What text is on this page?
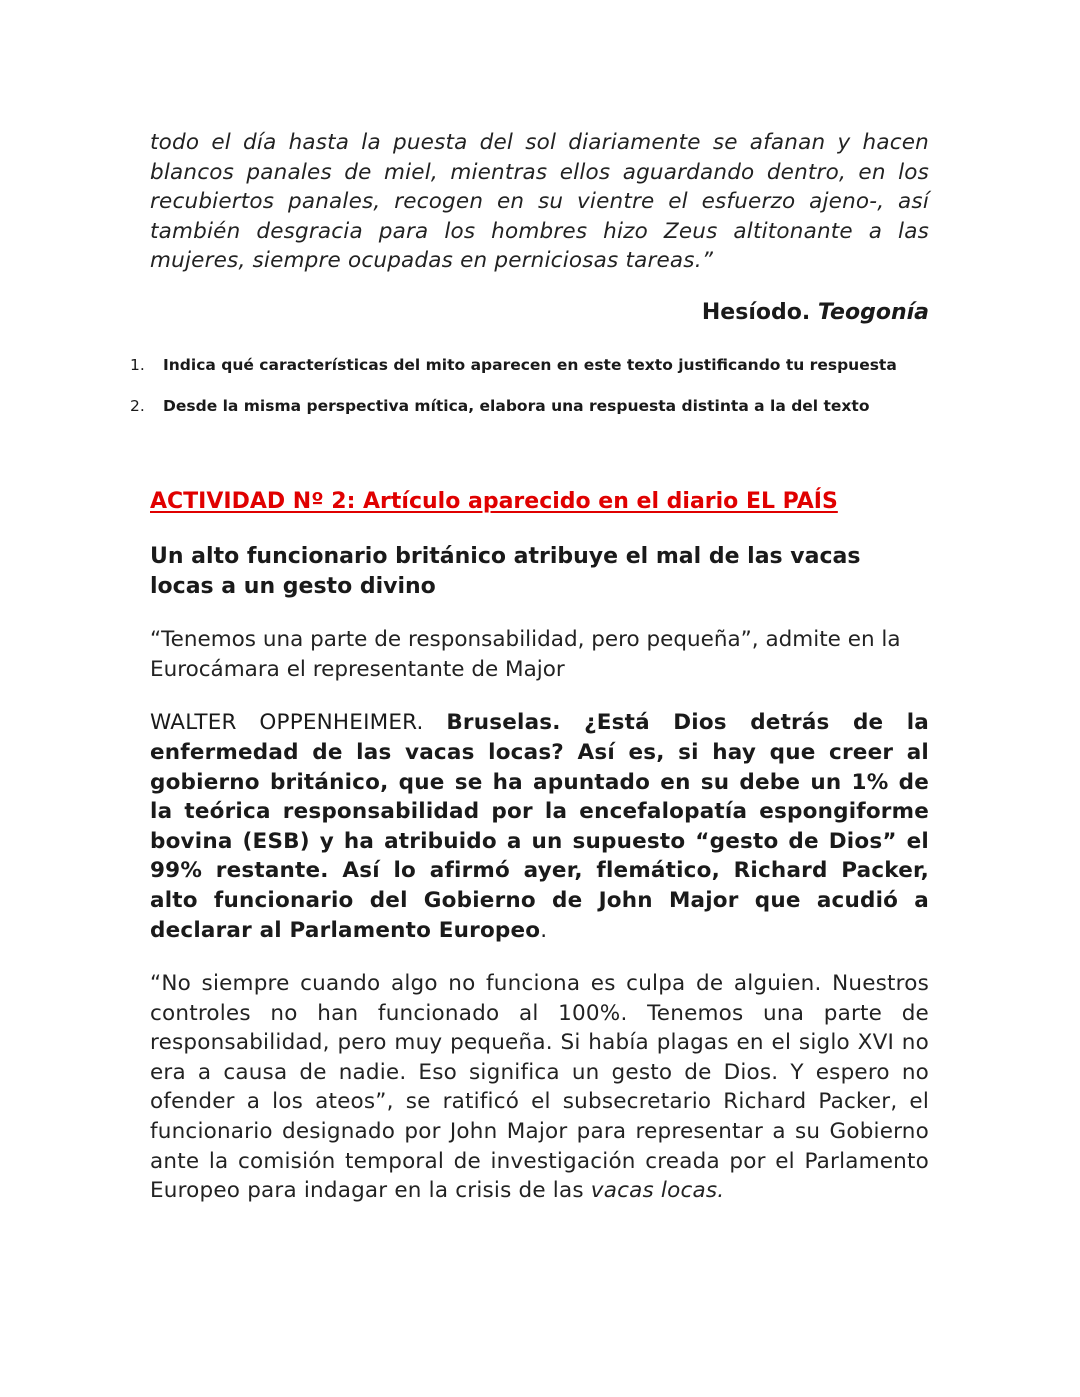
todo el día hasta la puesta del sol diariamente se afanan y hacen blancos panales de miel, mientras ellos aguardando dentro, en los recubiertos panales, recogen en su vientre el esfuerzo ajeno-, así también desgracia para los hombres hizo Zeus altitonante a las mujeres, siempre ocupadas en perniciosas tareas.”

Hesíodo. Teogonía

1. Indica qué características del mito aparecen en este texto justificando tu respuesta
2. Desde la misma perspectiva mítica, elabora una respuesta distinta a la del texto
ACTIVIDAD Nº 2: Artículo aparecido en el diario EL PAÍS
Un alto funcionario británico atribuye el mal de las vacas locas a un gesto divino

“Tenemos una parte de responsabilidad, pero pequeña”, admite en la Eurocámara el representante de Major

WALTER OPPENHEIMER. Bruselas. ¿Está Dios detrás de la enfermedad de las vacas locas? Así es, si hay que creer al gobierno británico, que se ha apuntado en su debe un 1% de la teórica responsabilidad por la encefalopatía espongiforme bovina (ESB) y ha atribuido a un supuesto “gesto de Dios” el 99% restante. Así lo afirmó ayer, flemático, Richard Packer, alto funcionario del Gobierno de John Major que acudió a declarar al Parlamento Europeo.

“No siempre cuando algo no funciona es culpa de alguien. Nuestros controles no han funcionado al 100%. Tenemos una parte de responsabilidad, pero muy pequeña. Si había plagas en el siglo XVI no era a causa de nadie. Eso significa un gesto de Dios. Y espero no ofender a los ateos”, se ratificó el subsecretario Richard Packer, el funcionario designado por John Major para representar a su Gobierno ante la comisión temporal de investigación creada por el Parlamento Europeo para indagar en la crisis de las vacas locas.
